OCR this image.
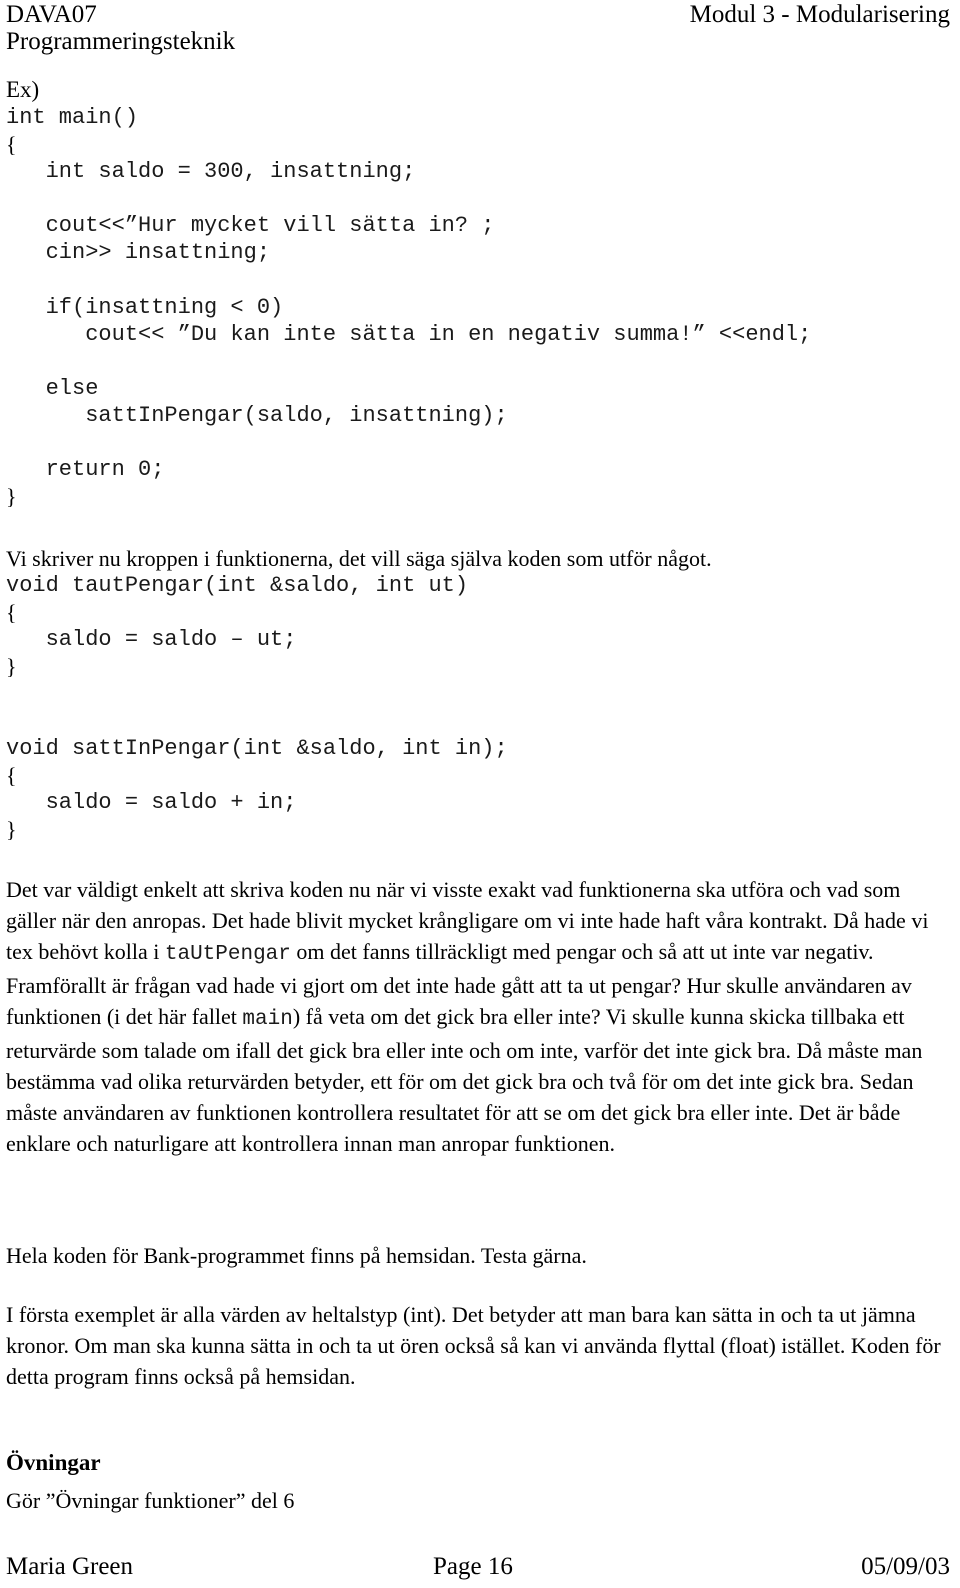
DAVA07
Programmeringsteknik
Modul 3 - Modularisering
Ex)
int main()
{
int saldo = 300, insattning;
cout<<”Hur mycket vill sätta in? ;
cin>> insattning;
if(insattning < 0)
cout<< ”Du kan inte sätta in en negativ summa!” <<endl;
else
sattInPengar(saldo, insattning);
return 0;
}
Vi skriver nu kroppen i funktionerna, det vill säga själva koden som utför något.
void tautPengar(int &saldo, int ut)
{
saldo = saldo – ut;
}
void sattInPengar(int &saldo, int in);
{
saldo = saldo + in;
}
Det var väldigt enkelt att skriva koden nu när vi visste exakt vad funktionerna ska utföra och vad som gäller när den anropas. Det hade blivit mycket krångligare om vi inte hade haft våra kontrakt. Då hade vi tex behövt kolla i taUtPengar om det fanns tillräckligt med pengar och så att ut inte var negativ. Framförallt är frågan vad hade vi gjort om det inte hade gått att ta ut pengar? Hur skulle användaren av funktionen (i det här fallet main) få veta om det gick bra eller inte? Vi skulle kunna skicka tillbaka ett returvärde som talade om ifall det gick bra eller inte och om inte, varför det inte gick bra. Då måste man bestämma vad olika returvärden betyder, ett för om det gick bra och två för om det inte gick bra. Sedan måste användaren av funktionen kontrollera resultatet för att se om det gick bra eller inte. Det är både enklare och naturligare att kontrollera innan man anropar funktionen.
Hela koden för Bank-programmet finns på hemsidan. Testa gärna.
I första exemplet är alla värden av heltalstyp (int). Det betyder att man bara kan sätta in och ta ut jämna kronor. Om man ska kunna sätta in och ta ut ören också så kan vi använda flyttal (float) istället. Koden för detta program finns också på hemsidan.
Övningar
Gör ”Övningar funktioner” del 6
Maria Green	Page 16	05/09/03
